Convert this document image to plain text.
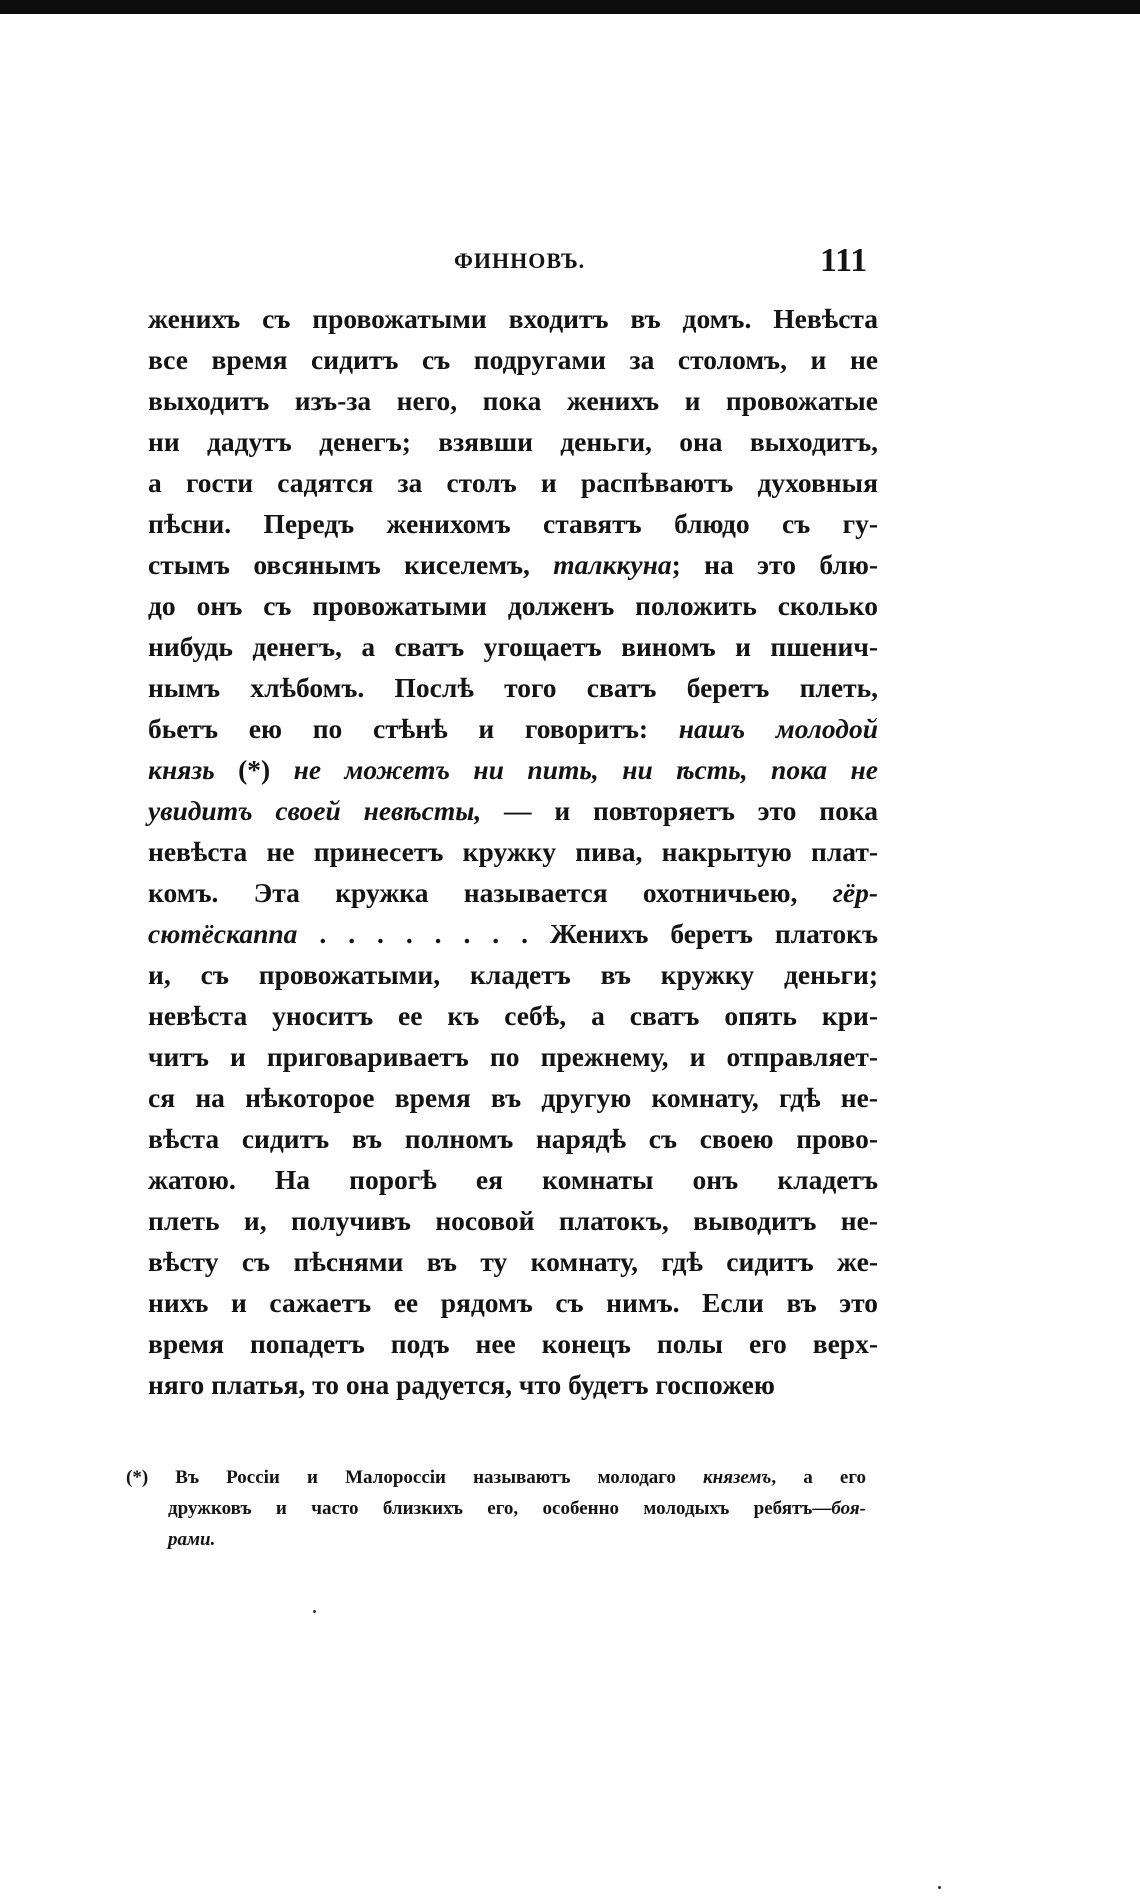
ФИННОВЪ.	111
женихъ съ провожатыми входитъ въ домъ. Невѣста
все время сидитъ съ подругами за столомъ, и не
выходитъ изъ-за него, пока женихъ и провожатые
ни дадутъ денегъ; взявши деньги, она выходитъ,
а гости садятся за столъ и распѣваютъ духовныя
пѣсни. Передъ женихомъ ставятъ блюдо съ гу-
стымъ овсянымъ киселемъ, талккуна; на это блю-
до онъ съ провожатыми долженъ положить сколько
нибудь денегъ, а сватъ угощаетъ виномъ и пшенич-
нымъ хлѣбомъ. Послѣ того сватъ беретъ плеть,
бьетъ ею по стѣнѣ и говоритъ: нашъ молодой
князь (*) не можетъ ни пить, ни ѣсть, пока не
увидитъ своей невѣсты, — и повторяетъ это пока
невѣста не принесетъ кружку пива, накрытую плат-
комъ. Эта кружка называется охотничьею, гёр-
сютёскаппа . . . . . . . . Женихъ беретъ платокъ
и, съ провожатыми, кладетъ въ кружку деньги;
невѣста уноситъ ее къ себѣ, а сватъ опять кри-
читъ и приговариваетъ по прежнему, и отправляет-
ся на нѣкоторое время въ другую комнату, гдѣ не-
вѣста сидитъ въ полномъ нарядѣ съ своею прово-
жатою. На порогѣ ея комнаты онъ кладетъ
плеть и, получивъ носовой платокъ, выводитъ не-
вѣсту съ пѣснями въ ту комнату, гдѣ сидитъ же-
нихъ и сажаетъ ее рядомъ съ нимъ. Если въ это
время попадетъ подъ нее конецъ полы его верх-
няго платья, то она радуется, что будетъ госпожею
(*) Въ Россіи и Малороссіи называютъ молодаго княземъ, а его
дружковъ и часто близкихъ его, особенно молодыхъ ребятъ—боя-
рами.
